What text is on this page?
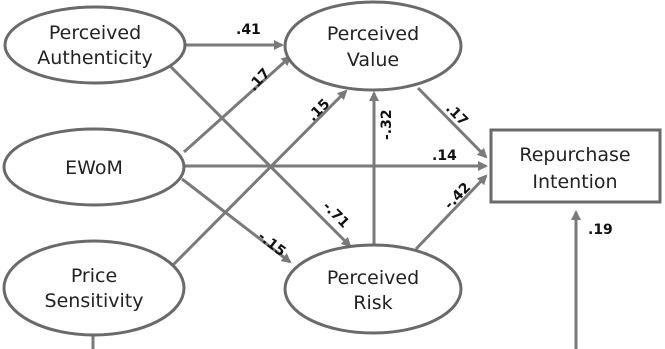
Perceived
Authenticity
EWoM
Price
Sensitivity
Perceived
Value
Perceived
Risk
Repurchase
Intention
.41
.17
.15	-.32	.17
.14
-.71
-.42
-.15	.19
